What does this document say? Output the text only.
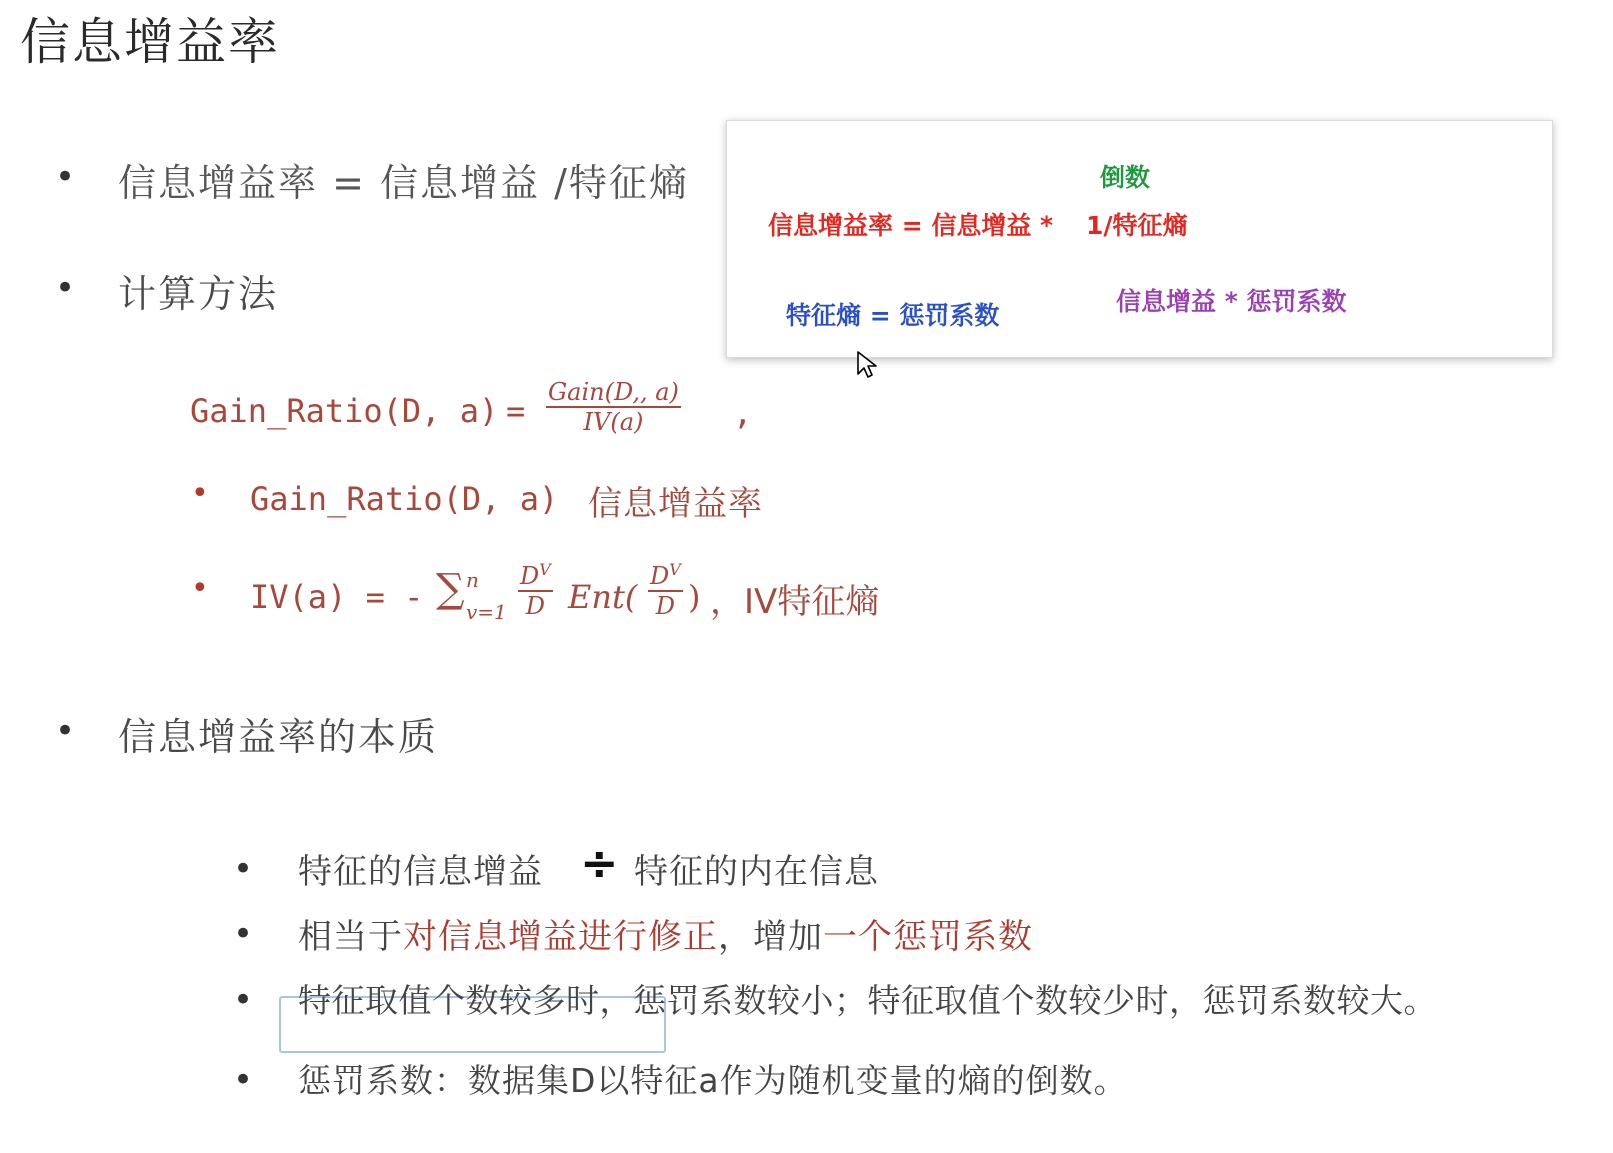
信息增益率
• 信息增益率 = 信息增益 /特征熵
• 计算方法
Gain_Ratio(D, $a) = \frac{\text{Gain(D,, a)}}{IV(a)}$ ,
• Gain_Ratio(D, a) 信息增益率
• IV(a) = - ∑ n
$v=1 \frac{D^V}{D} Ent( \frac{D^V}{D}$ ) ，IV特征熵
• 信息增益率的本质
• 特征的信息增益 ÷ 特征的内在信息
• 相当于对信息增益进行修正，增加一个惩罚系数
• 特征取值个数较多时，惩罚系数较小；特征取值个数较少时，惩罚系数较大。
• 惩罚系数：数据集D以特征a作为随机变量的熵的倒数。
倒数
信息增益率 = 信息增益 * 1/特征熵
特征熵 = 惩罚系数	信息增益 * 惩罚系数
